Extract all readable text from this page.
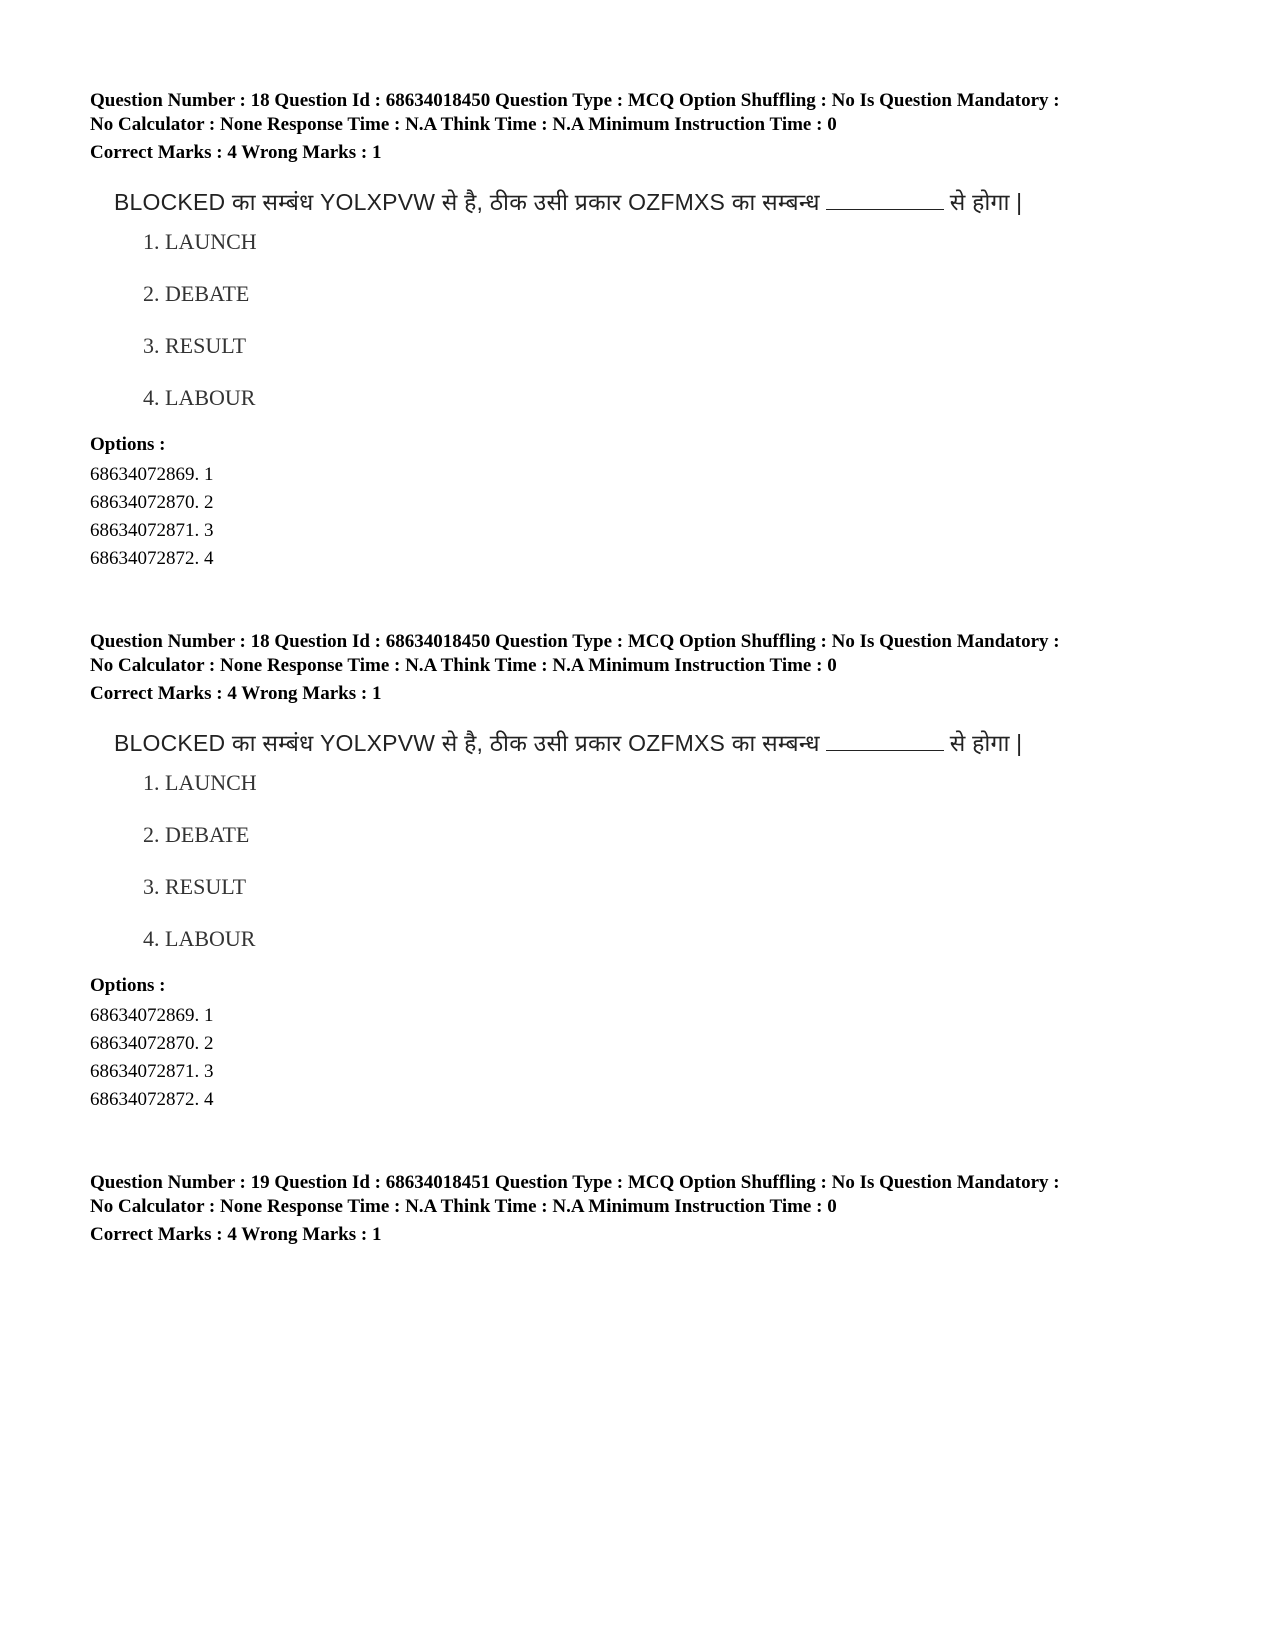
Question Number : 18 Question Id : 68634018450 Question Type : MCQ Option Shuffling : No Is Question Mandatory :

No Calculator : None Response Time : N.A Think Time : N.A Minimum Instruction Time : 0

Correct Marks : 4 Wrong Marks : 1
BLOCKED का सम्बंध YOLXPVW से है, ठीक उसी प्रकार OZFMXS का सम्बन्ध	से होगा |
1. LAUNCH
2. DEBATE
3. RESULT
4. LABOUR
Options :
68634072869. 1
68634072870. 2
68634072871. 3
68634072872. 4

Question Number : 18 Question Id : 68634018450 Question Type : MCQ Option Shuffling : No Is Question Mandatory :

No Calculator : None Response Time : N.A Think Time : N.A Minimum Instruction Time : 0

Correct Marks : 4 Wrong Marks : 1
BLOCKED का सम्बंध YOLXPVW से है, ठीक उसी प्रकार OZFMXS का सम्बन्ध	से होगा |
1. LAUNCH
2. DEBATE
3. RESULT
4. LABOUR
Options :
68634072869. 1
68634072870. 2
68634072871. 3
68634072872. 4

Question Number : 19 Question Id : 68634018451 Question Type : MCQ Option Shuffling : No Is Question Mandatory :

No Calculator : None Response Time : N.A Think Time : N.A Minimum Instruction Time : 0

Correct Marks : 4 Wrong Marks : 1
